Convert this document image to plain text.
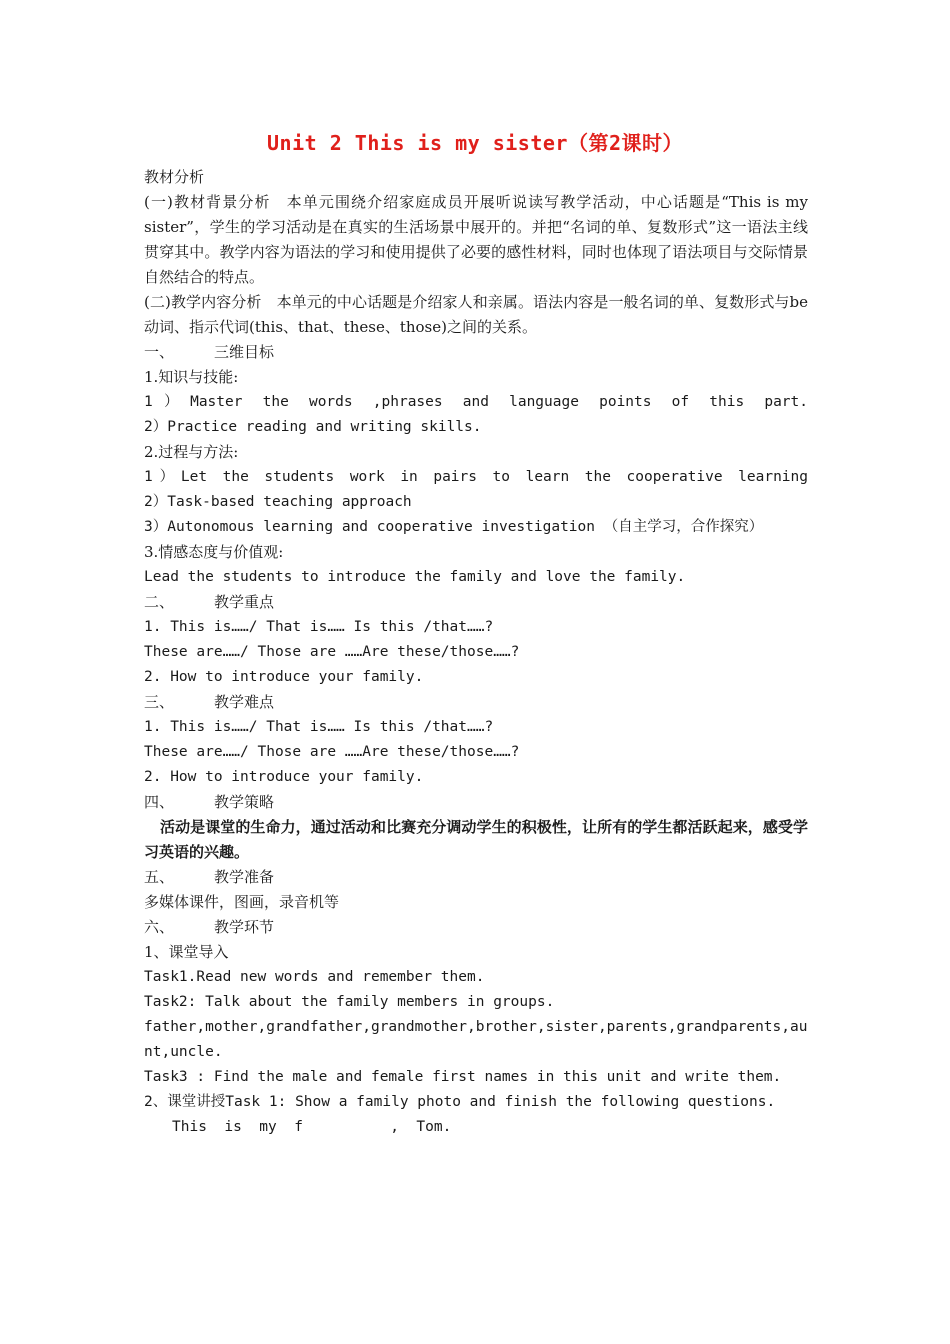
Unit 2 This is my sister（第2课时）
教材分析
(一)教材背景分析　本单元围绕介绍家庭成员开展听说读写教学活动，中心话题是“This is my sister”，学生的学习活动是在真实的生活场景中展开的。并把“名词的单、复数形式”这一语法主线贯穿其中。教学内容为语法的学习和使用提供了必要的感性材料，同时也体现了语法项目与交际情景自然结合的特点。
(二)教学内容分析　本单元的中心话题是介绍家人和亲属。语法内容是一般名词的单、复数形式与be动词、指示代词(this、that、these、those)之间的关系。
一、	三维目标
1.知识与技能:
1）Master the words ,phrases and language points of this part.
2）Practice reading and writing skills.
2.过程与方法:
1）Let the students work in pairs to learn the cooperative learning
2）Task-based teaching approach
3）Autonomous learning and cooperative investigation （自主学习，合作探究）
3.情感态度与价值观:
Lead the students to introduce the family and love the family.
二、	教学重点
1. This is……/ That is…… Is this /that……?
These are……/ Those are ……Are these/those……?
2. How to introduce your family.
三、	教学难点
1. This is……/ That is…… Is this /that……?
These are……/ Those are ……Are these/those……?
2. How to introduce your family.
四、	教学策略
活动是课堂的生命力，通过活动和比赛充分调动学生的积极性，让所有的学生都活跃起来，感受学习英语的兴趣。
五、	教学准备
多媒体课件，图画，录音机等
六、	教学环节
1、课堂导入
Task1.Read new words and remember them.
Task2: Talk about the family members in groups.
father,mother,grandfather,grandmother,brother,sister,parents,grandparents,aunt,uncle.
Task3 : Find the male and female first names in this unit and write them.
2、课堂讲授Task 1: Show a family photo and finish the following questions.
This  is  my  f          ,  Tom.
